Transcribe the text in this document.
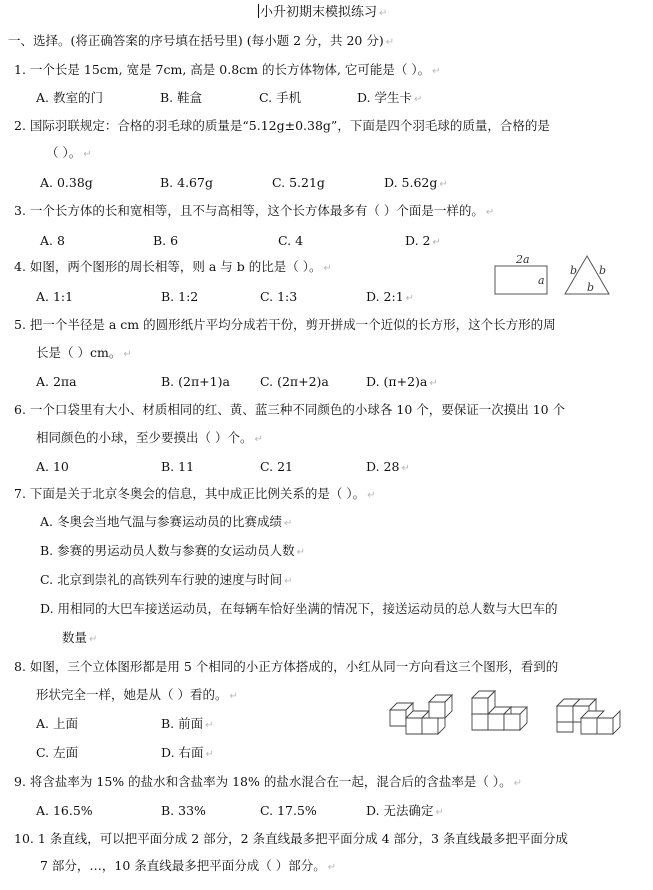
小升初期末模拟练习 ↵
一、选择。(将正确答案的序号填在括号里) (每小题 2 分，共 20 分) ↵
1. 一个长是 15cm, 宽是 7cm, 高是 0.8cm 的长方体物体, 它可能是（ ）。 ↵
A. 教室的门	B. 鞋盒	C. 手机	D. 学生卡 ↵
2. 国际羽联规定：合格的羽毛球的质量是“5.12g±0.38g”，下面是四个羽毛球的质量，合格的是
（ ）。 ↵
A. 0.38g	B. 4.67g	C. 5.21g	D. 5.62g ↵
3. 一个长方体的长和宽相等，且不与高相等，这个长方体最多有（ ）个面是一样的。 ↵
A. 8	B. 6	C. 4	D. 2 ↵
4. 如图，两个图形的周长相等，则 a 与 b 的比是（ ）。 ↵
A. 1:1	B. 1:2	C. 1:3	D. 2:1 ↵
2a
a
b b
b
5. 把一个半径是 a cm 的圆形纸片平均分成若干份，剪开拼成一个近似的长方形，这个长方形的周
长是（ ）cm。 ↵
A. 2πa	B. (2π+1)a C. (2π+2)a	D. (π+2)a ↵
6. 一个口袋里有大小、材质相同的红、黄、蓝三种不同颜色的小球各 10 个，要保证一次摸出 10 个
相同颜色的小球，至少要摸出（ ）个。 ↵
A. 10	B. 11	C. 21	D. 28 ↵
7. 下面是关于北京冬奥会的信息，其中成正比例关系的是（ ）。 ↵
A. 冬奥会当地气温与参赛运动员的比赛成绩 ↵
B. 参赛的男运动员人数与参赛的女运动员人数 ↵
C. 北京到崇礼的高铁列车行驶的速度与时间 ↵
D. 用相同的大巴车接送运动员，在每辆车恰好坐满的情况下，接送运动员的总人数与大巴车的
数量 ↵
8. 如图，三个立体图形都是用 5 个相同的小正方体搭成的，小红从同一方向看这三个图形，看到的
形状完全一样，她是从（ ）看的。 ↵
A. 上面	B. 前面 ↵
C. 左面	D. 右面 ↵
9. 将含盐率为 15% 的盐水和含盐率为 18% 的盐水混合在一起，混合后的含盐率是（ ）。 ↵
A. 16.5%	B. 33%	C. 17.5%	D. 无法确定 ↵
10. 1 条直线，可以把平面分成 2 部分，2 条直线最多把平面分成 4 部分，3 条直线最多把平面分成
7 部分，…，10 条直线最多把平面分成（ ）部分。 ↵
